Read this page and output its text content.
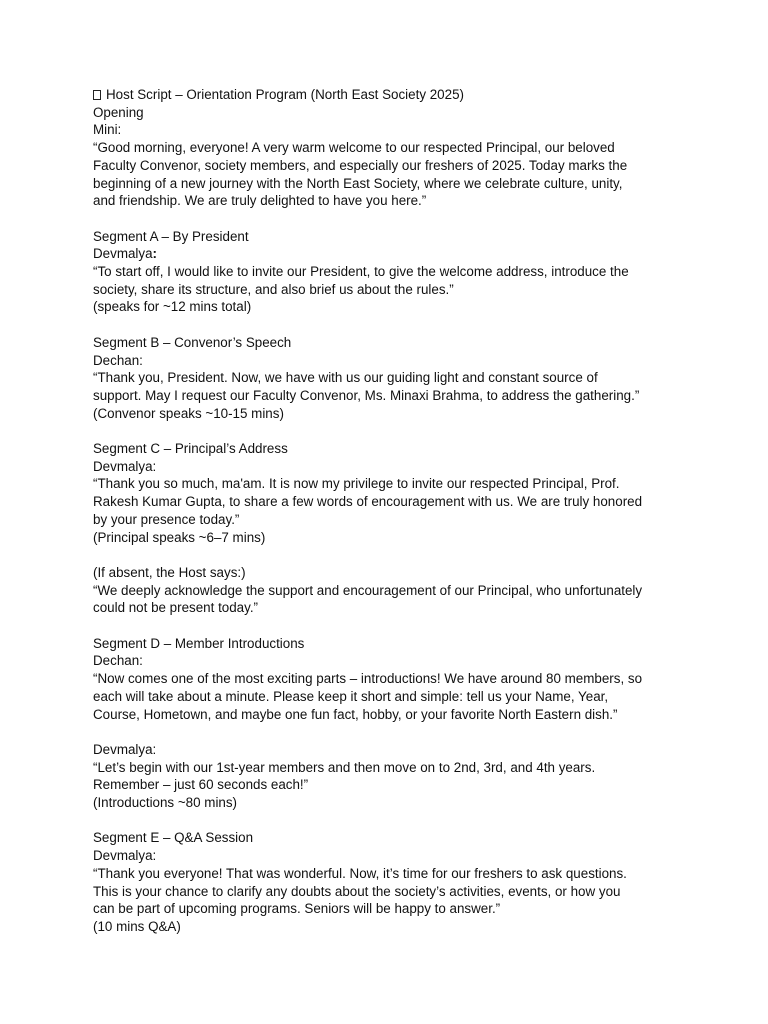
Host Script – Orientation Program (North East Society 2025)
Opening
Mini:
“Good morning, everyone! A very warm welcome to our respected Principal, our beloved
Faculty Convenor, society members, and especially our freshers of 2025. Today marks the
beginning of a new journey with the North East Society, where we celebrate culture, unity,
and friendship. We are truly delighted to have you here.”
Segment A – By President
Devmalya:
“To start off, I would like to invite our President, to give the welcome address, introduce the
society, share its structure, and also brief us about the rules.”
(speaks for ~12 mins total)
Segment B – Convenor’s Speech
Dechan:
“Thank you, President. Now, we have with us our guiding light and constant source of
support. May I request our Faculty Convenor, Ms. Minaxi Brahma, to address the gathering.”
(Convenor speaks ~10-15 mins)
Segment C – Principal’s Address
Devmalya:
“Thank you so much, ma'am. It is now my privilege to invite our respected Principal, Prof.
Rakesh Kumar Gupta, to share a few words of encouragement with us. We are truly honored
by your presence today.”
(Principal speaks ~6–7 mins)
(If absent, the Host says:)
“We deeply acknowledge the support and encouragement of our Principal, who unfortunately
could not be present today.”
Segment D – Member Introductions
Dechan:
“Now comes one of the most exciting parts – introductions! We have around 80 members, so
each will take about a minute. Please keep it short and simple: tell us your Name, Year,
Course, Hometown, and maybe one fun fact, hobby, or your favorite North Eastern dish.”
Devmalya:
“Let’s begin with our 1st-year members and then move on to 2nd, 3rd, and 4th years.
Remember – just 60 seconds each!”
(Introductions ~80 mins)
Segment E – Q&A Session
Devmalya:
“Thank you everyone! That was wonderful. Now, it’s time for our freshers to ask questions.
This is your chance to clarify any doubts about the society’s activities, events, or how you
can be part of upcoming programs. Seniors will be happy to answer.”
(10 mins Q&A)
